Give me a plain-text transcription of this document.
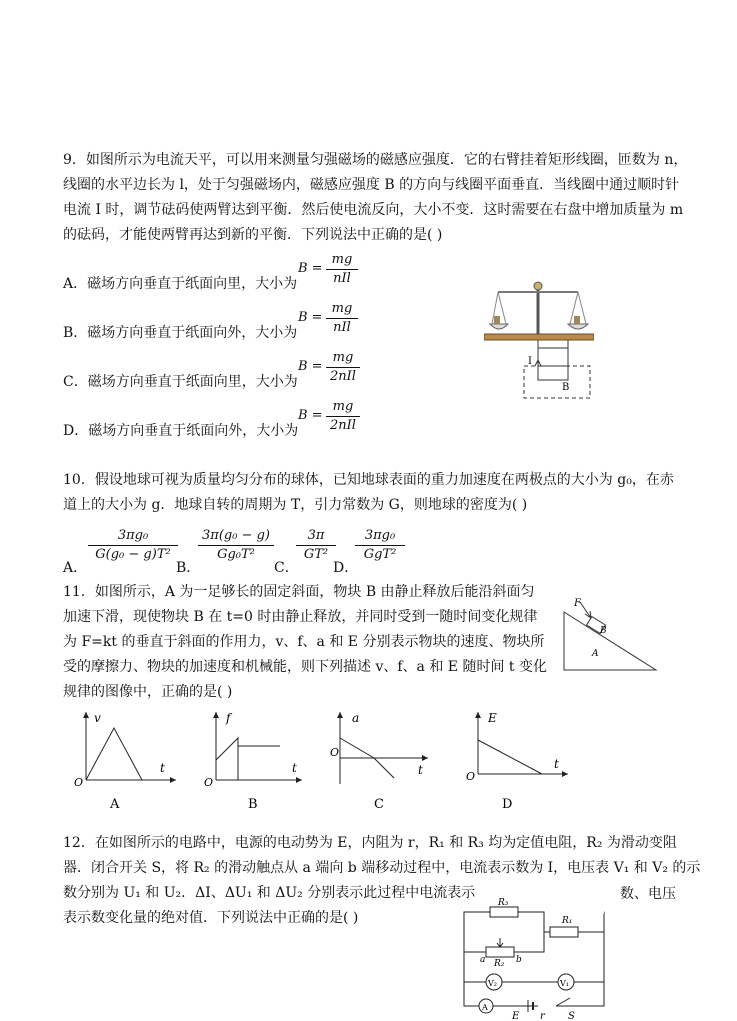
9．如图所示为电流天平，可以用来测量匀强磁场的磁感应强度．它的右臂挂着矩形线圈，匝数为 n，
线圈的水平边长为 l，处于匀强磁场内，磁感应强度 B 的方向与线圈平面垂直．当线圈中通过顺时针
电流 I 时，调节砝码使两臂达到平衡．然后使电流反向，大小不变．这时需要在右盘中增加质量为 m
的砝码，才能使两臂再达到新的平衡．下列说法中正确的是( )
A．磁场方向垂直于纸面向里，大小为
B =
mg
nIl
B．磁场方向垂直于纸面向外，大小为
B =
mg
nIl
C．磁场方向垂直于纸面向里，大小为
B =
mg
2nIl
D．磁场方向垂直于纸面向外，大小为
B =
mg
2nIl
I
B
10．假设地球可视为质量均匀分布的球体，已知地球表面的重力加速度在两极点的大小为 g₀，在赤
道上的大小为 g．地球自转的周期为 T，引力常数为 G，则地球的密度为( )
A．
3πg₀
G(g₀ − g)T²
B．
3π(g₀ − g)
Gg₀T²
C．
3π
GT²
D．
3πg₀
GgT²
11．如图所示，A 为一足够长的固定斜面，物块 B 由静止释放后能沿斜面匀
加速下滑，现使物块 B 在 t=0 时由静止释放，并同时受到一随时间变化规律
为 F=kt 的垂直于斜面的作用力，v、f、a 和 E 分别表示物块的速度、物块所
受的摩擦力、物块的加速度和机械能，则下列描述 v、f、a 和 E 随时间 t 变化
规律的图像中，正确的是( )
F
B
A
v
t
O
A
f
t
O
B
a
t
O
C
E
t
O
D
12．在如图所示的电路中，电源的电动势为 E，内阻为 r，R₁ 和 R₃ 均为定值电阻，R₂ 为滑动变阻
器．闭合开关 S，将 R₂ 的滑动触点从 a 端向 b 端移动过程中，电流表示数为 I，电压表 V₁ 和 V₂ 的示
数分别为 U₁ 和 U₂．ΔI、ΔU₁ 和 ΔU₂ 分别表示此过程中电流表示	数、电压
表示数变化量的绝对值．下列说法中正确的是( )
R₃
R₁
R₂
a	b
V₂	V₁
A
E r S
